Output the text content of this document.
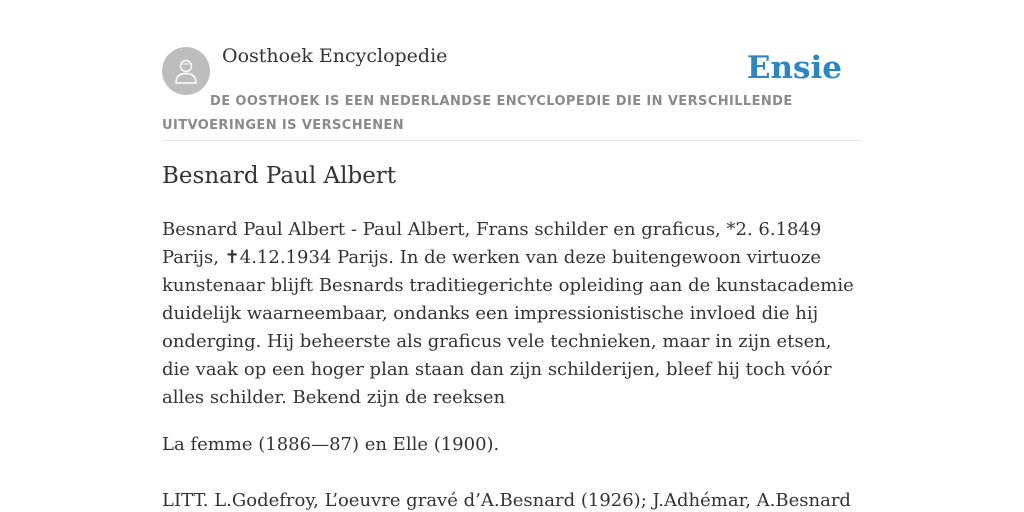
Oosthoek Encyclopedie	Ensie
DE OOSTHOEK IS EEN NEDERLANDSE ENCYCLOPEDIE DIE IN VERSCHILLENDE UITVOERINGEN IS VERSCHENEN
Besnard Paul Albert

Besnard Paul Albert - Paul Albert, Frans schilder en graficus, *2. 6.1849 Parijs, ✝4.12.1934 Parijs. In de werken van deze buitengewoon virtuoze kunstenaar blijft Besnards traditiegerichte opleiding aan de kunstacademie duidelijk waarneembaar, ondanks een impressionistische invloed die hij onderging. Hij beheerste als graficus vele technieken, maar in zijn etsen, die vaak op een hoger plan staan dan zijn schilderijen, bleef hij toch vóór alles schilder. Bekend zijn de reeksen

La femme (1886—87) en Elle (1900).
LITT. L.Godefroy, L’oeuvre gravé d’A.Besnard (1926); J.Adhémar, A.Besnard
